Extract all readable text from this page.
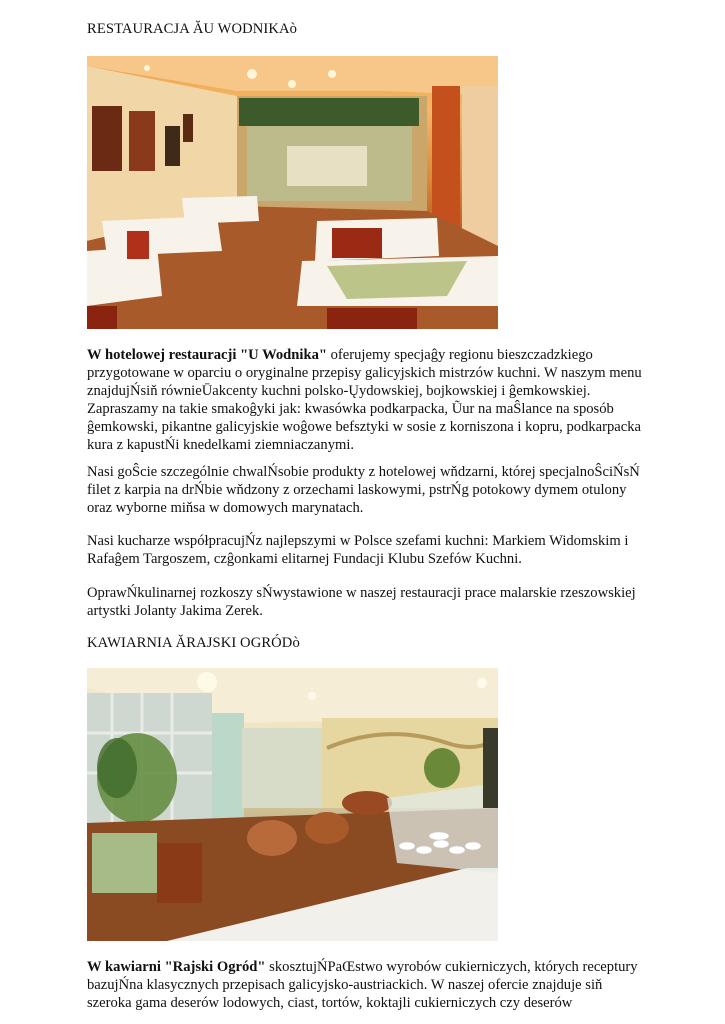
RESTAURACJA ĂU WODNIKAò

W hotelowej restauracji "U Wodnika" oferujemy specjaĝy regionu bieszczadzkiego przygotowane w oparciu o oryginalne przepisy galicyjskich mistrzów kuchni. W naszym menu znajdujŃsiň równieŪakcenty kuchni polsko-Ųydowskiej, bojkowskiej i ĝemkowskiej. Zapraszamy na takie smakoĝyki jak: kwasówka podkarpacka, Ũur na maŜlance na sposób ĝemkowski, pikantne galicyjskie woĝowe befsztyki w sosie z korniszona i kopru, podkarpacka kura z kapustŃi knedelkami ziemniaczanymi.

Nasi goŜcie szczególnie chwalŃsobie produkty z hotelowej wňdzarni, której specjalnoŜciŃsŃ filet z karpia na drŃbie wňdzony z orzechami laskowymi, pstrŃg potokowy dymem otulony oraz wyborne miňsa w domowych marynatach.

Nasi kucharze współpracujŃz najlepszymi w Polsce szefami kuchni: Markiem Widomskim i Rafaĝem Targoszem, czĝonkami elitarnej Fundacji Klubu Szefów Kuchni.

OprawŃkulinarnej rozkoszy sŃwystawione w naszej restauracji prace malarskie rzeszowskiej artystki Jolanty Jakima Zerek.

KAWIARNIA ĂRAJSKI OGRÓDò

W kawiarni "Rajski Ogród" skosztujŃPaŒstwo wyrobów cukierniczych, których receptury bazujŃna klasycznych przepisach galicyjsko-austriackich. W naszej ofercie znajduje siň szeroka gama deserów lodowych, ciast, tortów, koktajli cukierniczych czy deserów
